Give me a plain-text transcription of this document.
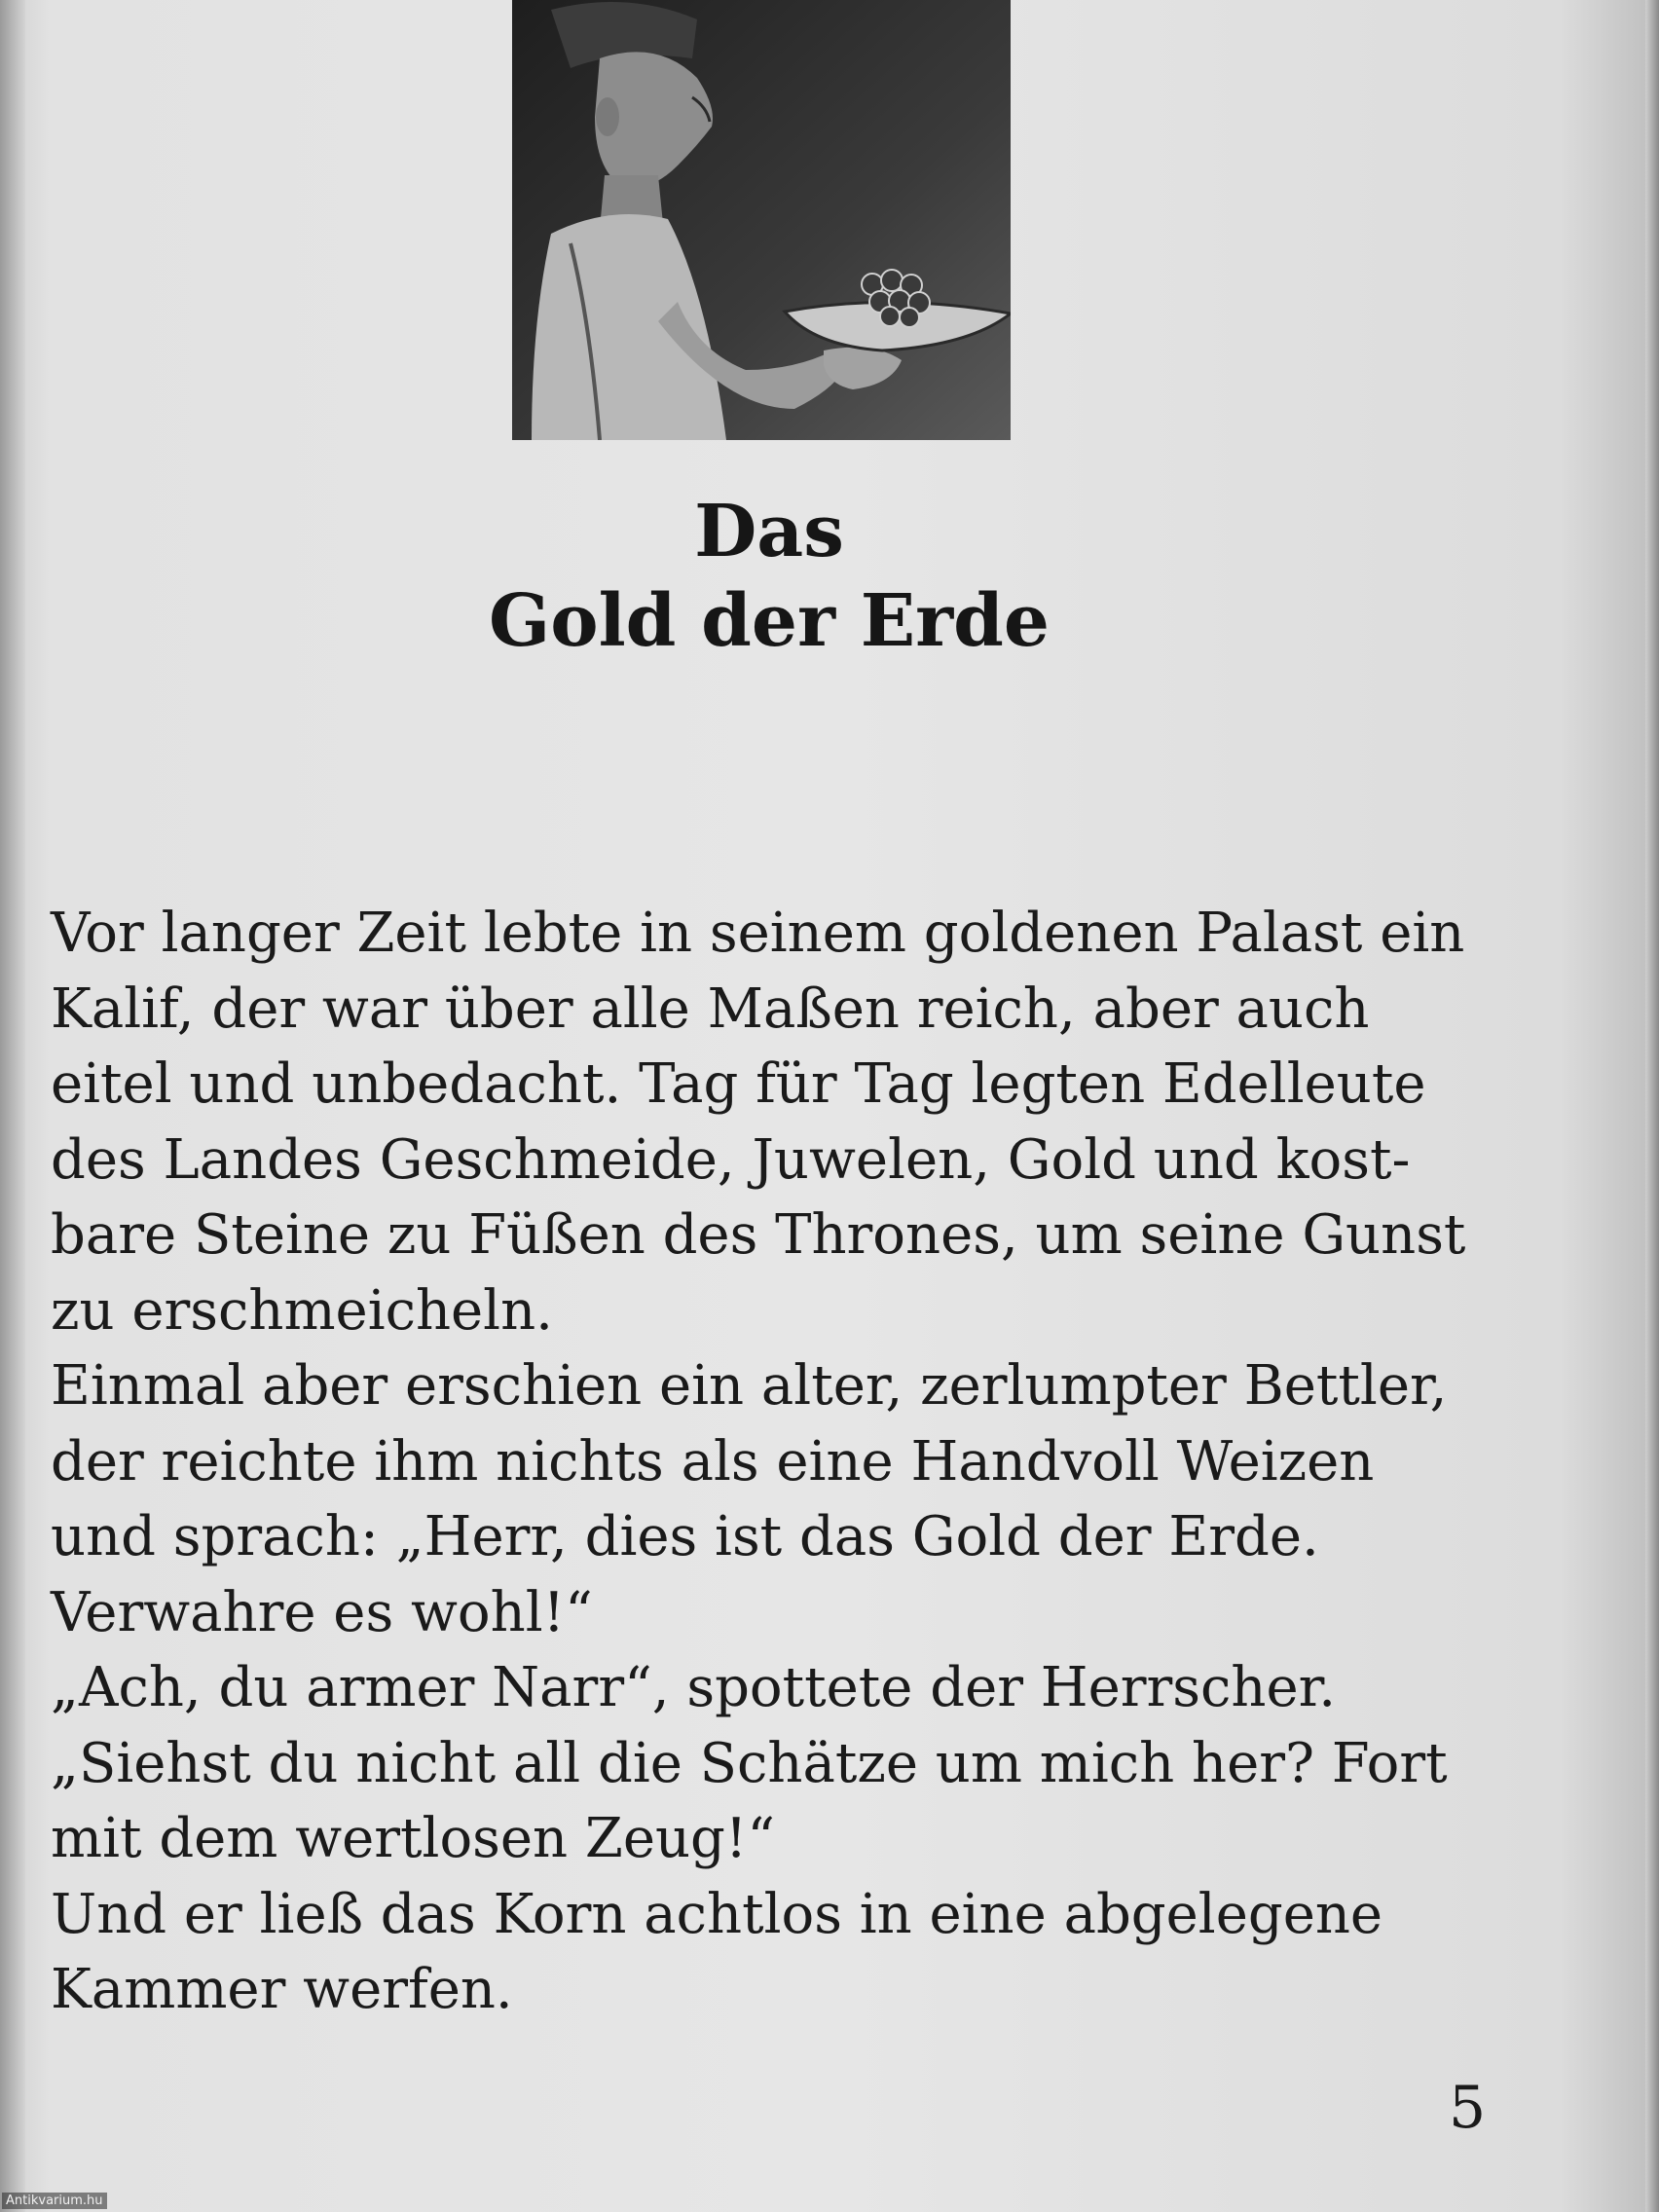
Das
Gold der Erde
Vor langer Zeit lebte in seinem goldenen Palast ein
Kalif, der war über alle Maßen reich, aber auch
eitel und unbedacht. Tag für Tag legten Edelleute
des Landes Geschmeide, Juwelen, Gold und kost-
bare Steine zu Füßen des Thrones, um seine Gunst
zu erschmeicheln.
Einmal aber erschien ein alter, zerlumpter Bettler,
der reichte ihm nichts als eine Handvoll Weizen
und sprach: „Herr, dies ist das Gold der Erde.
Verwahre es wohl!“
„Ach, du armer Narr“, spottete der Herrscher.
„Siehst du nicht all die Schätze um mich her? Fort
mit dem wertlosen Zeug!“
Und er ließ das Korn achtlos in eine abgelegene
Kammer werfen.
5
Antikvarium.hu
